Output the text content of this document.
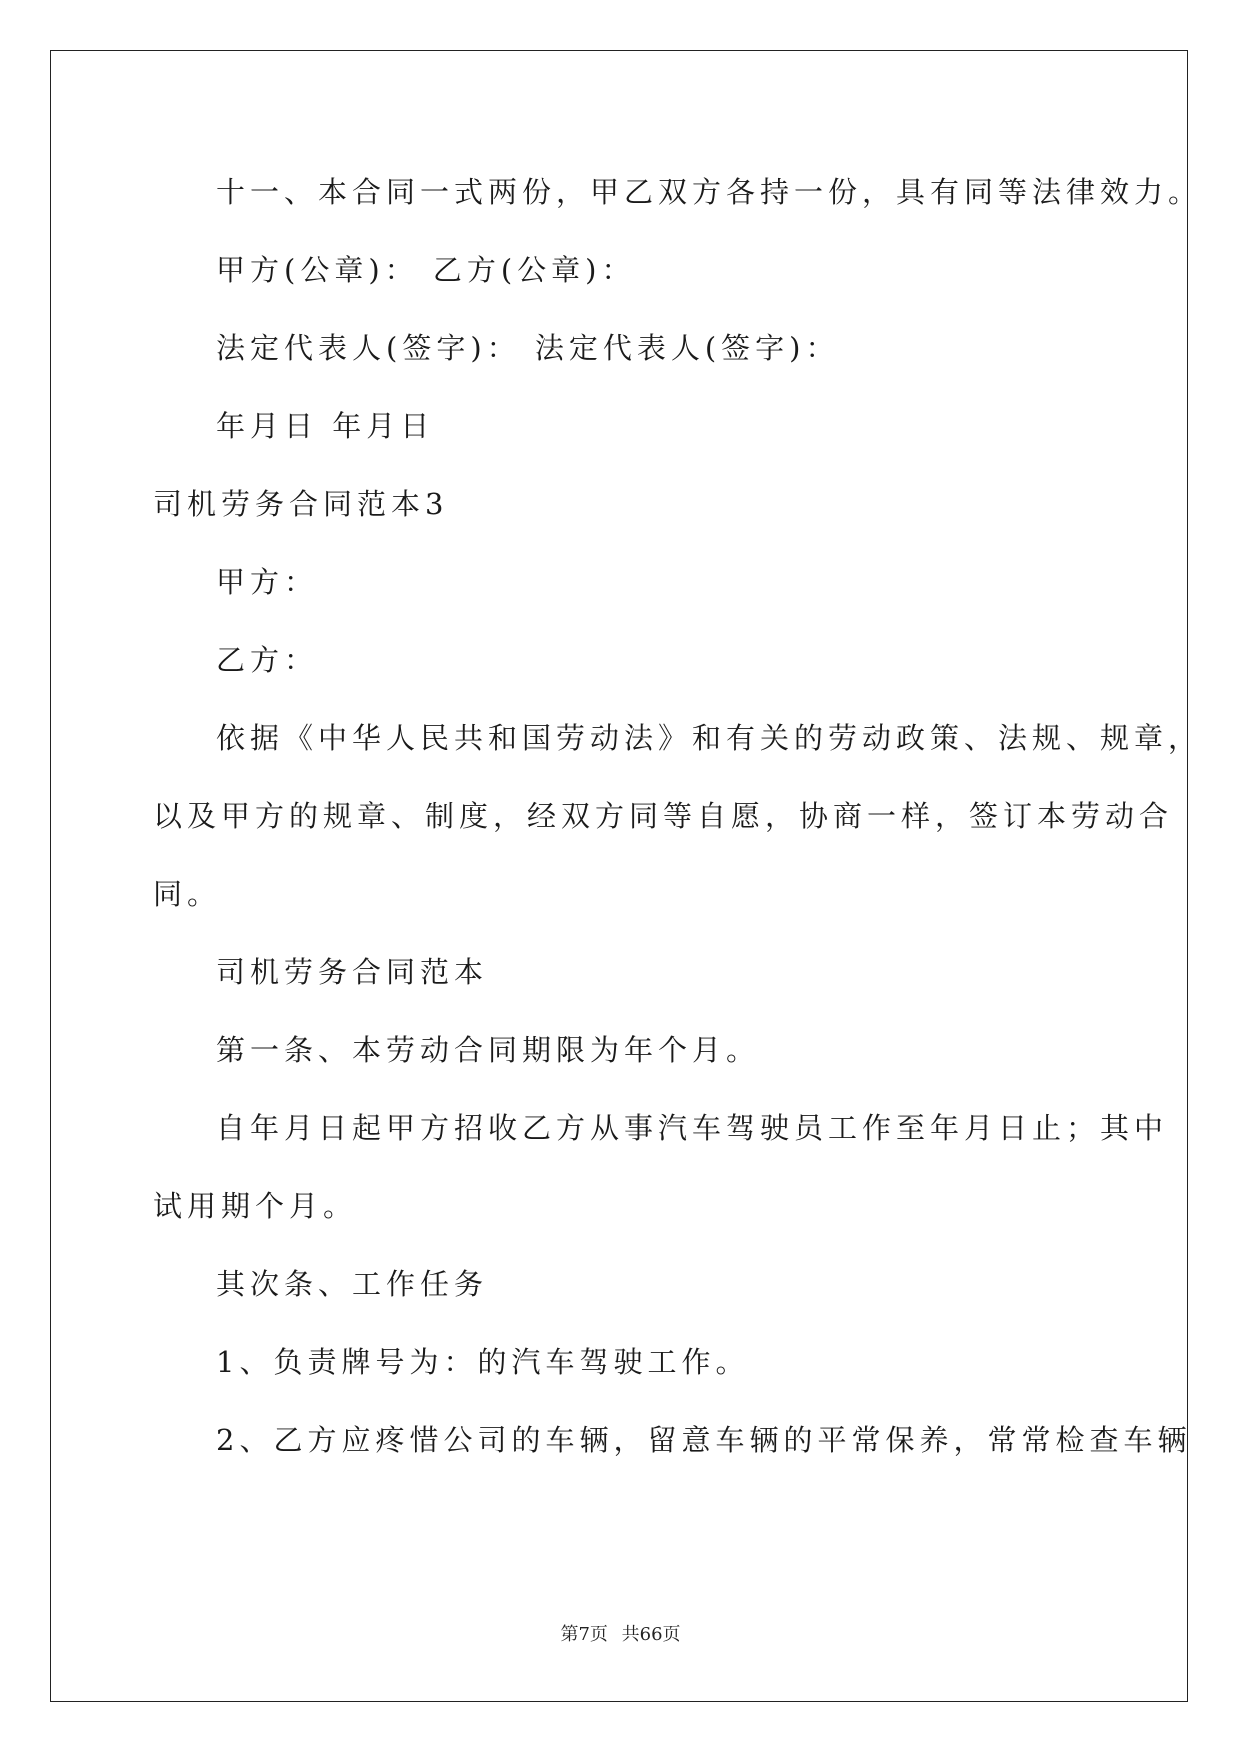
十一、本合同一式两份，甲乙双方各持一份，具有同等法律效力。
甲方(公章)： 乙方(公章)：
法定代表人(签字)： 法定代表人(签字)：
年月日 年月日
司机劳务合同范本3
甲方：
乙方：
依据《中华人民共和国劳动法》和有关的劳动政策、法规、规章，
以及甲方的规章、制度，经双方同等自愿，协商一样，签订本劳动合
同。
司机劳务合同范本
第一条、本劳动合同期限为年个月。
自年月日起甲方招收乙方从事汽车驾驶员工作至年月日止；其中
试用期个月。
其次条、工作任务
1、负责牌号为：的汽车驾驶工作。
2、乙方应疼惜公司的车辆，留意车辆的平常保养，常常检查车辆
第7页 共66页
